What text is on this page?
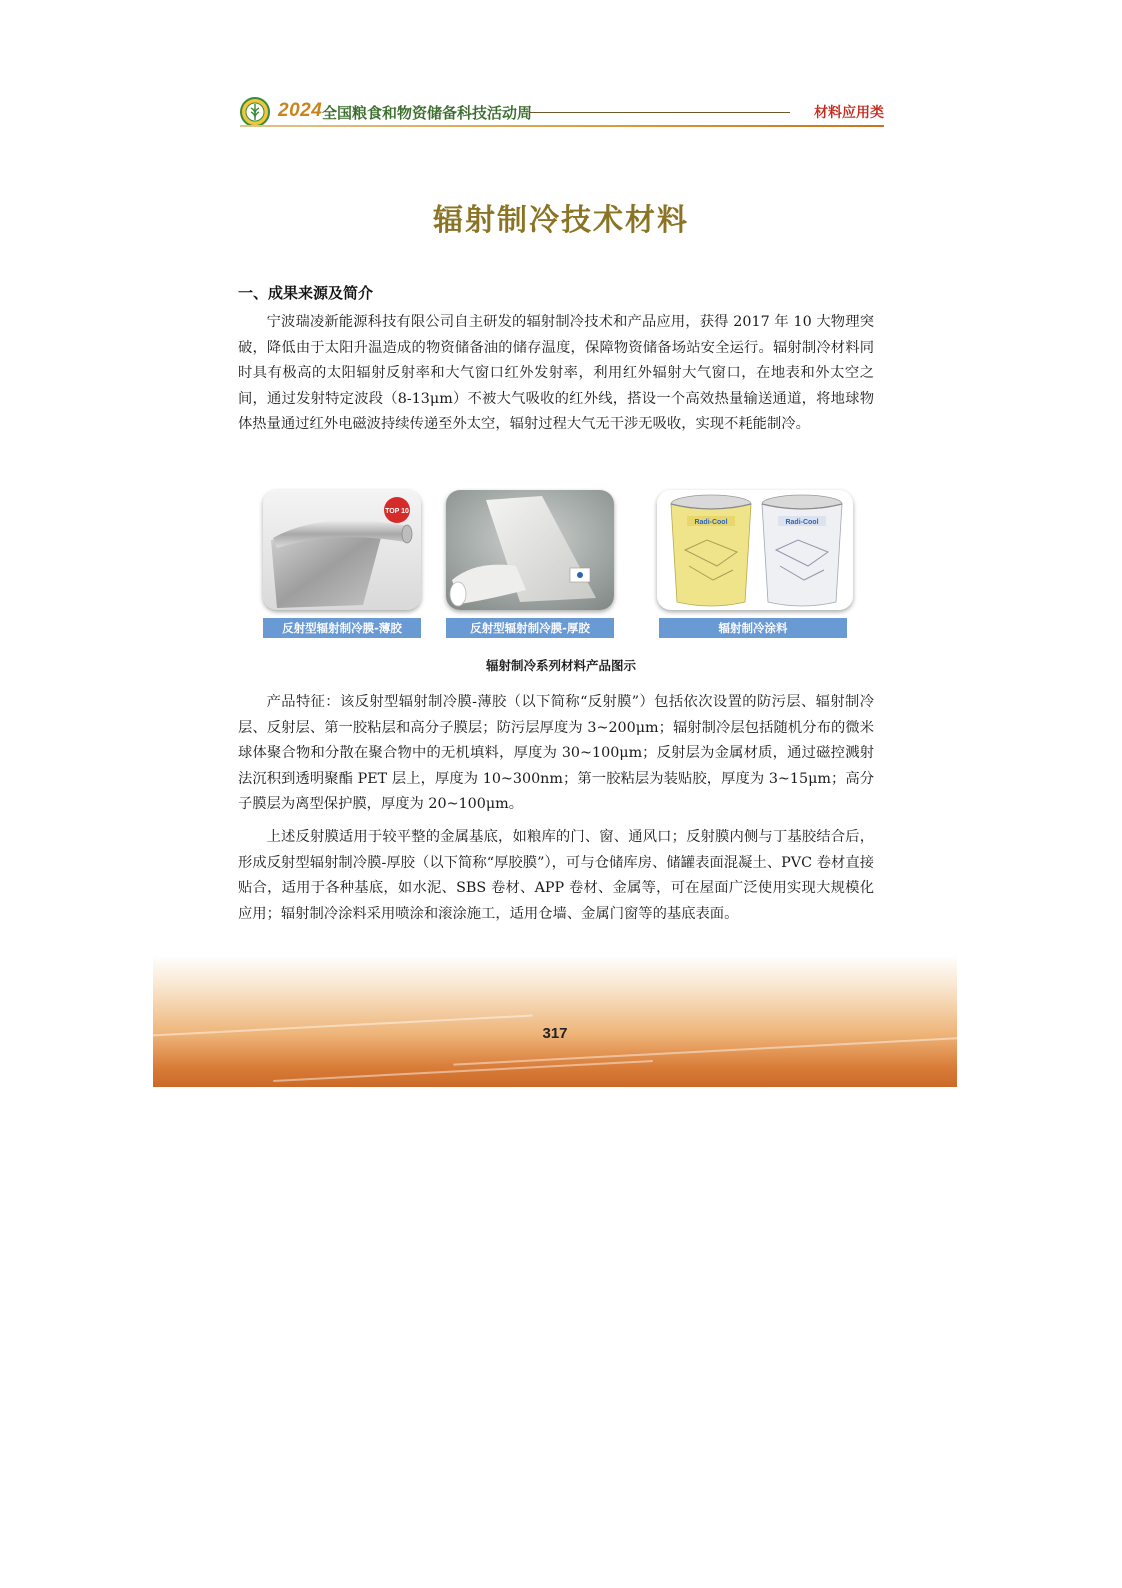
2024 全国粮食和物资储备科技活动周	材料应用类
辐射制冷技术材料
一、成果来源及简介

宁波瑞凌新能源科技有限公司自主研发的辐射制冷技术和产品应用，获得 2017 年 10 大物理突破，降低由于太阳升温造成的物资储备油的储存温度，保障物资储备场站安全运行。辐射制冷材料同时具有极高的太阳辐射反射率和大气窗口红外发射率，利用红外辐射大气窗口，在地表和外太空之间，通过发射特定波段（8-13μm）不被大气吸收的红外线，搭设一个高效热量输送通道，将地球物体热量通过红外电磁波持续传递至外太空，辐射过程大气无干涉无吸收，实现不耗能制冷。

TOP 10
反射型辐射制冷膜-薄胶	反射型辐射制冷膜-厚胶
Radi-Cool	Radi-Cool
辐射制冷涂料
辐射制冷系列材料产品图示

产品特征：该反射型辐射制冷膜-薄胶（以下简称“反射膜”）包括依次设置的防污层、辐射制冷层、反射层、第一胶粘层和高分子膜层；防污层厚度为 3~200μm；辐射制冷层包括随机分布的微米球体聚合物和分散在聚合物中的无机填料，厚度为 30~100μm；反射层为金属材质，通过磁控溅射法沉积到透明聚酯 PET 层上，厚度为 10~300nm；第一胶粘层为装贴胶，厚度为 3~15μm；高分子膜层为离型保护膜，厚度为 20~100μm。

上述反射膜适用于较平整的金属基底，如粮库的门、窗、通风口；反射膜内侧与丁基胶结合后，形成反射型辐射制冷膜-厚胶（以下简称“厚胶膜”），可与仓储库房、储罐表面混凝土、PVC 卷材直接贴合，适用于各种基底，如水泥、SBS 卷材、APP 卷材、金属等，可在屋面广泛使用实现大规模化应用；辐射制冷涂料采用喷涂和滚涂施工，适用仓墙、金属门窗等的基底表面。

317
